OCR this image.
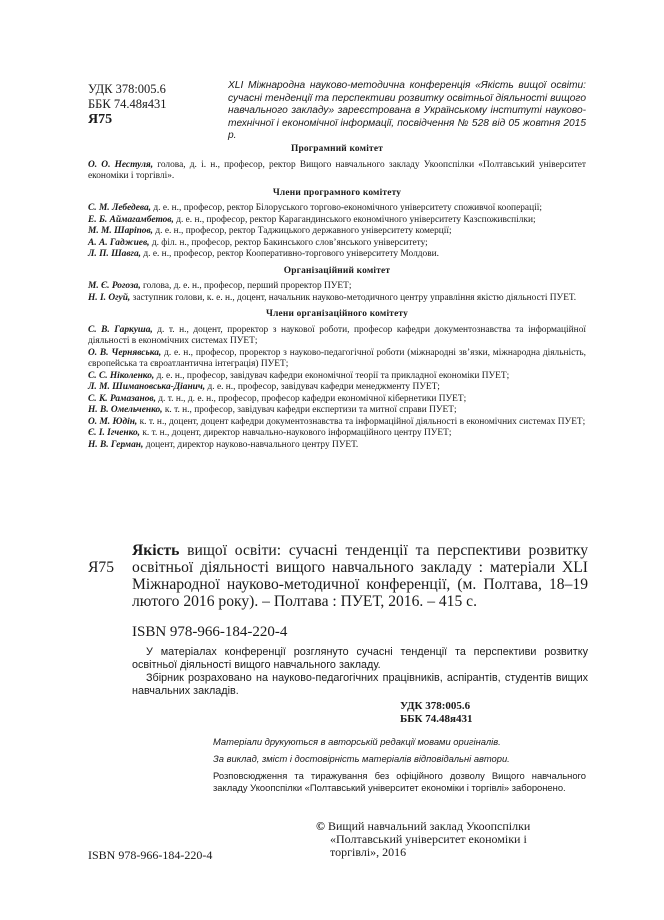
УДК 378:005.6
ББК 74.48я431
Я75
XLI Міжнародна науково-методична конференція «Якість вищої освіти: сучасні тенденції та перспективи розвитку освітньої діяльності вищого навчального закладу» зареєстрована в Українському інституті науково-технічної і економічної інформації, посвідчення № 528 від 05 жовтня 2015 р.
Програмний комітет

О. О. Нестуля, голова, д. і. н., професор, ректор Вищого навчального закладу Укоопспілки «Полтавський університет економіки і торгівлі».

Члени програмного комітету

С. М. Лебедева, д. е. н., професор, ректор Білоруського торгово-економічного університету споживчої кооперації;

Е. Б. Аймагамбетов, д. е. н., професор, ректор Карагандинського економічного університету Казспоживспілки;

М. М. Шаріпов, д. е. н., професор, ректор Таджицького державного університету комерції;

А. А. Гаджиев, д. філ. н., професор, ректор Бакинського слов’янського університету;

Л. П. Шавга, д. е. н., професор, ректор Кооперативно-торгового університету Молдови.

Організаційний комітет

М. Є. Рогоза, голова, д. е. н., професор, перший проректор ПУЕТ;

Н. І. Огуй, заступник голови, к. е. н., доцент, начальник науково-методичного центру управління якістю діяльності ПУЕТ.

Члени організаційного комітету

С. В. Гаркуша, д. т. н., доцент, проректор з наукової роботи, професор кафедри документознавства та інформаційної діяльності в економічних системах ПУЕТ;

О. В. Чернявська, д. е. н., професор, проректор з науково-педагогічної роботи (міжнародні зв’язки, міжнародна діяльність, європейська та євроатлантична інтеграція) ПУЕТ;

С. С. Ніколенко, д. е. н., професор, завідувач кафедри економічної теорії та прикладної економіки ПУЕТ;

Л. М. Шимановська-Діанич, д. е. н., професор, завідувач кафедри менеджменту ПУЕТ;

С. К. Рамазанов, д. т. н., д. е. н., професор, професор кафедри економічної кібернетики ПУЕТ;

Н. В. Омельченко, к. т. н., професор, завідувач кафедри експертизи та митної справи ПУЕТ;

О. М. Юдін, к. т. н., доцент, доцент кафедри документознавства та інформаційної діяльності в економічних системах ПУЕТ;

Є. І. Ігченко, к. т. н., доцент, директор навчально-наукового інформаційного центру ПУЕТ;

Н. В. Герман, доцент, директор науково-навчального центру ПУЕТ.

Я75
Якість вищої освіти: сучасні тенденції та перспективи розвитку освітньої діяльності вищого навчального закладу : матеріали XLI Міжнародної науково-методичної конференції, (м. Полтава, 18–19 лютого 2016 року). – Полтава : ПУЕТ, 2016. – 415 с.
ISBN 978-966-184-220-4

У матеріалах конференції розглянуто сучасні тенденції та перспективи розвитку освітньої діяльності вищого навчального закладу.

Збірник розраховано на науково-педагогічних працівників, аспірантів, студентів вищих навчальних закладів.

УДК 378:005.6
ББК 74.48я431

Матеріали друкуються в авторській редакції мовами оригіналів.

За виклад, зміст і достовірність матеріалів відповідальні автори.

Розповсюдження та тиражування без офіційного дозволу Вищого навчального закладу Укоопспілки «Полтавський університет економіки і торгівлі» заборонено.

ISBN 978-966-184-220-4
© Вищий навчальний заклад Укоопспілки
«Полтавський університет економіки і
торгівлі», 2016
